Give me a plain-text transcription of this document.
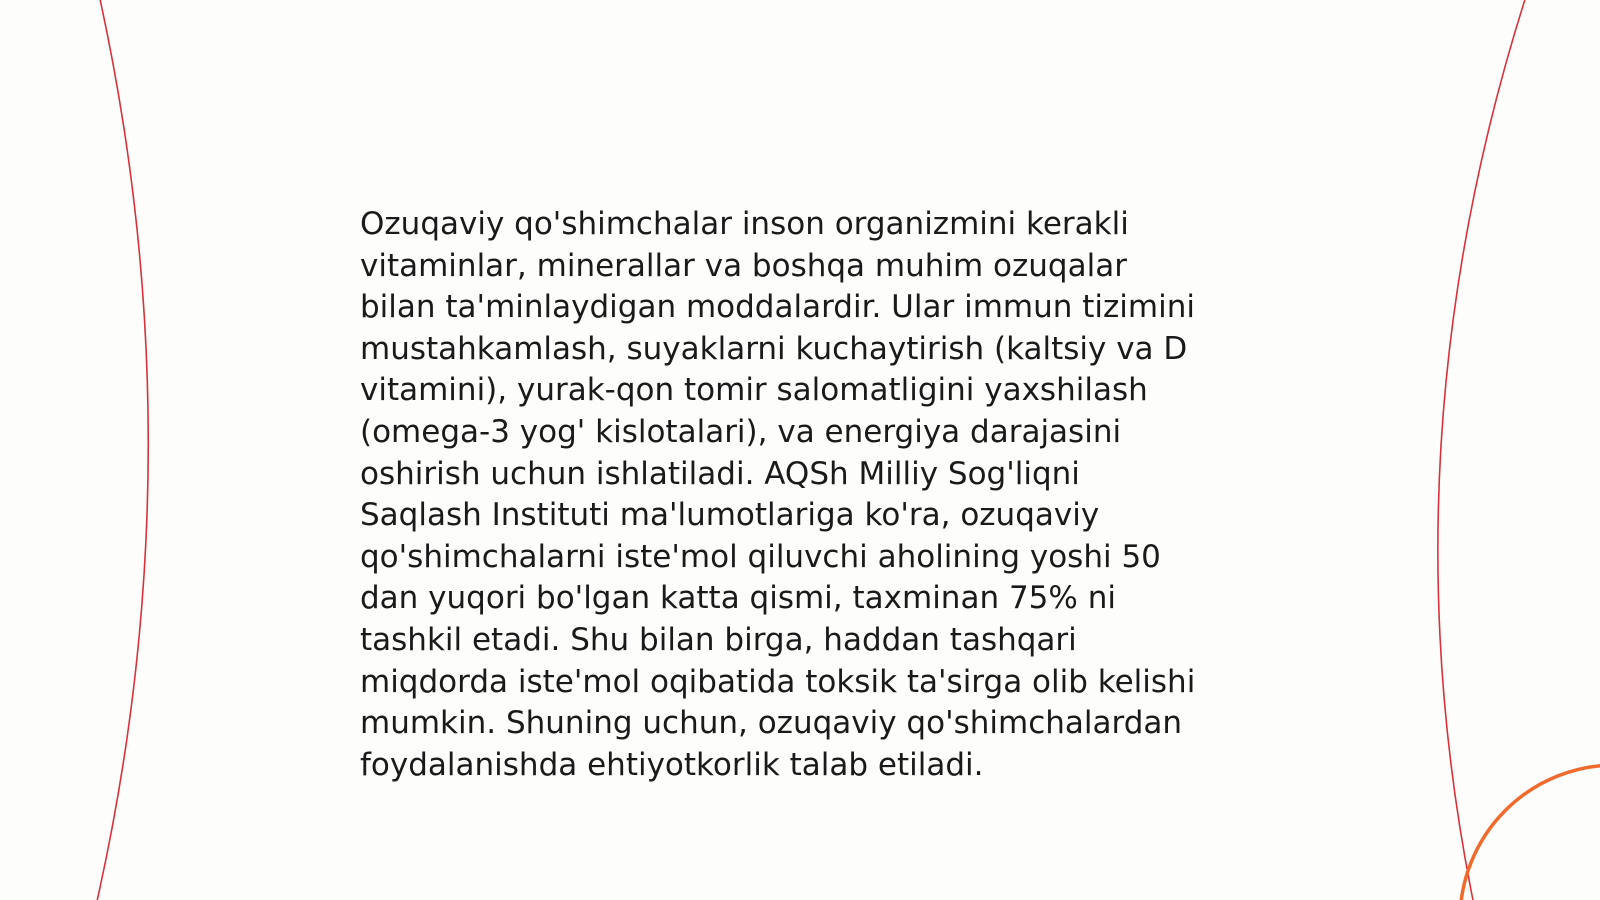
Ozuqaviy qo'shimchalar inson organizmini kerakli
vitaminlar, minerallar va boshqa muhim ozuqalar
bilan ta'minlaydigan moddalardir. Ular immun tizimini
mustahkamlash, suyaklarni kuchaytirish (kaltsiy va D
vitamini), yurak-qon tomir salomatligini yaxshilash
(omega-3 yog' kislotalari), va energiya darajasini
oshirish uchun ishlatiladi. AQSh Milliy Sog'liqni
Saqlash Instituti ma'lumotlariga ko'ra, ozuqaviy
qo'shimchalarni iste'mol qiluvchi aholining yoshi 50
dan yuqori bo'lgan katta qismi, taxminan 75% ni
tashkil etadi. Shu bilan birga, haddan tashqari
miqdorda iste'mol oqibatida toksik ta'sirga olib kelishi
mumkin. Shuning uchun, ozuqaviy qo'shimchalardan
foydalanishda ehtiyotkorlik talab etiladi.
